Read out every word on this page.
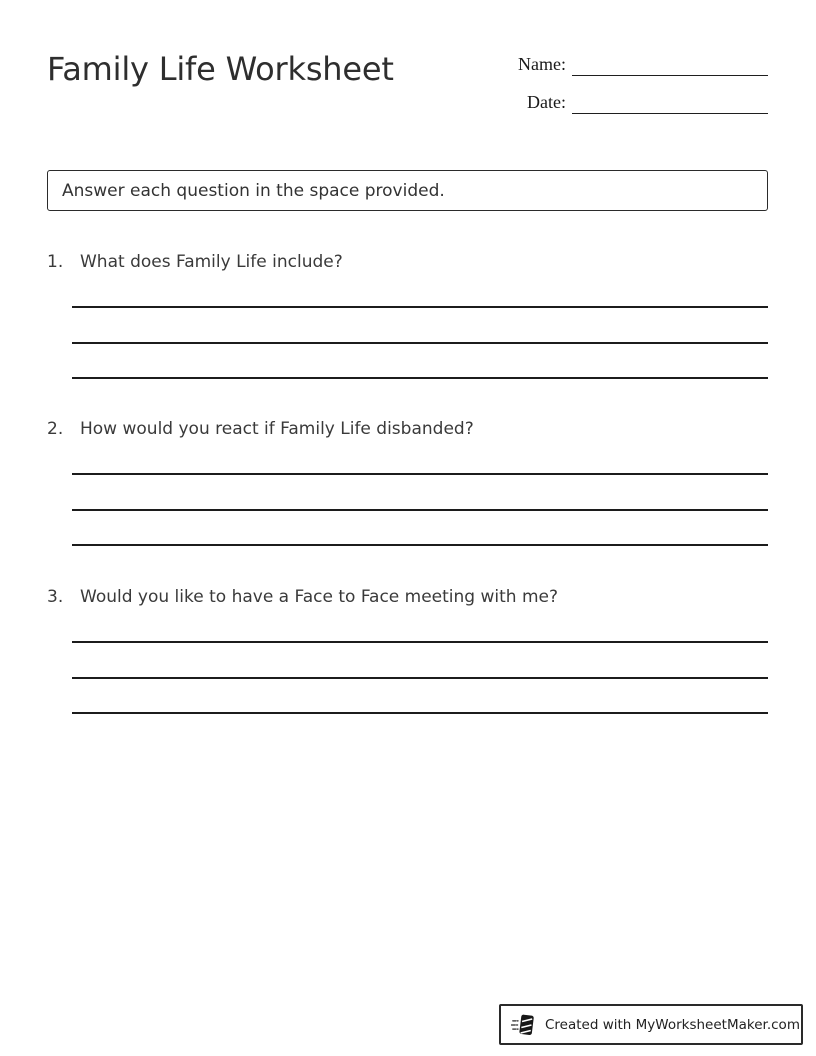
Family Life Worksheet	Name:
Date:
Answer each question in the space provided.
1. What does Family Life include?
2. How would you react if Family Life disbanded?
3. Would you like to have a Face to Face meeting with me?
Created with MyWorksheetMaker.com
